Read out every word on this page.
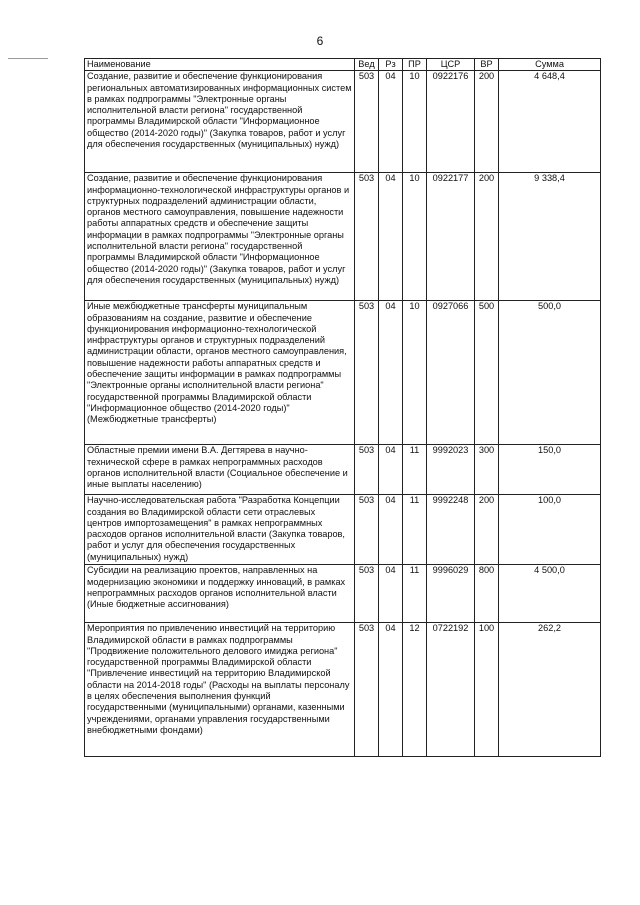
6
Наименование	Вед	Рз	ПР	ЦСР	ВР	Сумма
Создание, развитие и обеспечение функционирования региональных автоматизированных информационных систем в рамках подпрограммы "Электронные органы исполнительной власти региона" государственной программы Владимирской области "Информационное общество (2014-2020 годы)" (Закупка товаров, работ и услуг для обеспечения государственных (муниципальных) нужд)	503	04	10	0922176	200	4 648,4
Создание, развитие и обеспечение функционирования информационно-технологической инфраструктуры органов и структурных подразделений администрации области, органов местного самоуправления, повышение надежности работы аппаратных средств и обеспечение защиты информации в рамках подпрограммы "Электронные органы исполнительной власти региона" государственной программы Владимирской области "Информационное общество (2014-2020 годы)" (Закупка товаров, работ и услуг для обеспечения государственных (муниципальных) нужд)	503	04	10	0922177	200	9 338,4
Иные межбюджетные трансферты муниципальным образованиям на создание, развитие и обеспечение функционирования информационно-технологической инфраструктуры органов и структурных подразделений администрации области, органов местного самоуправления, повышение надежности работы аппаратных средств и обеспечение защиты информации в рамках подпрограммы "Электронные органы исполнительной власти региона" государственной программы Владимирской области "Информационное общество (2014-2020 годы)" (Межбюджетные трансферты)	503	04	10	0927066	500	500,0
Областные премии имени В.А. Дегтярева в научно-технической сфере в рамках непрограммных расходов органов исполнительной власти (Социальное обеспечение и иные выплаты населению)	503	04	11	9992023	300	150,0
Научно-исследовательская работа "Разработка Концепции создания во Владимирской области сети отраслевых центров импортозамещения" в рамках непрограммных расходов органов исполнительной власти (Закупка товаров, работ и услуг для обеспечения государственных (муниципальных) нужд)	503	04	11	9992248	200	100,0
Субсидии на реализацию проектов, направленных на модернизацию экономики и поддержку инноваций, в рамках непрограммных расходов органов исполнительной власти (Иные бюджетные ассигнования)	503	04	11	9996029	800	4 500,0
Мероприятия по привлечению инвестиций на территорию Владимирской области в рамках подпрограммы "Продвижение положительного делового имиджа региона" государственной программы Владимирской области "Привлечение инвестиций на территорию Владимирской области на 2014-2018 годы" (Расходы на выплаты персоналу в целях обеспечения выполнения функций государственными (муниципальными) органами, казенными учреждениями, органами управления государственными внебюджетными фондами)	503	04	12	0722192	100	262,2
